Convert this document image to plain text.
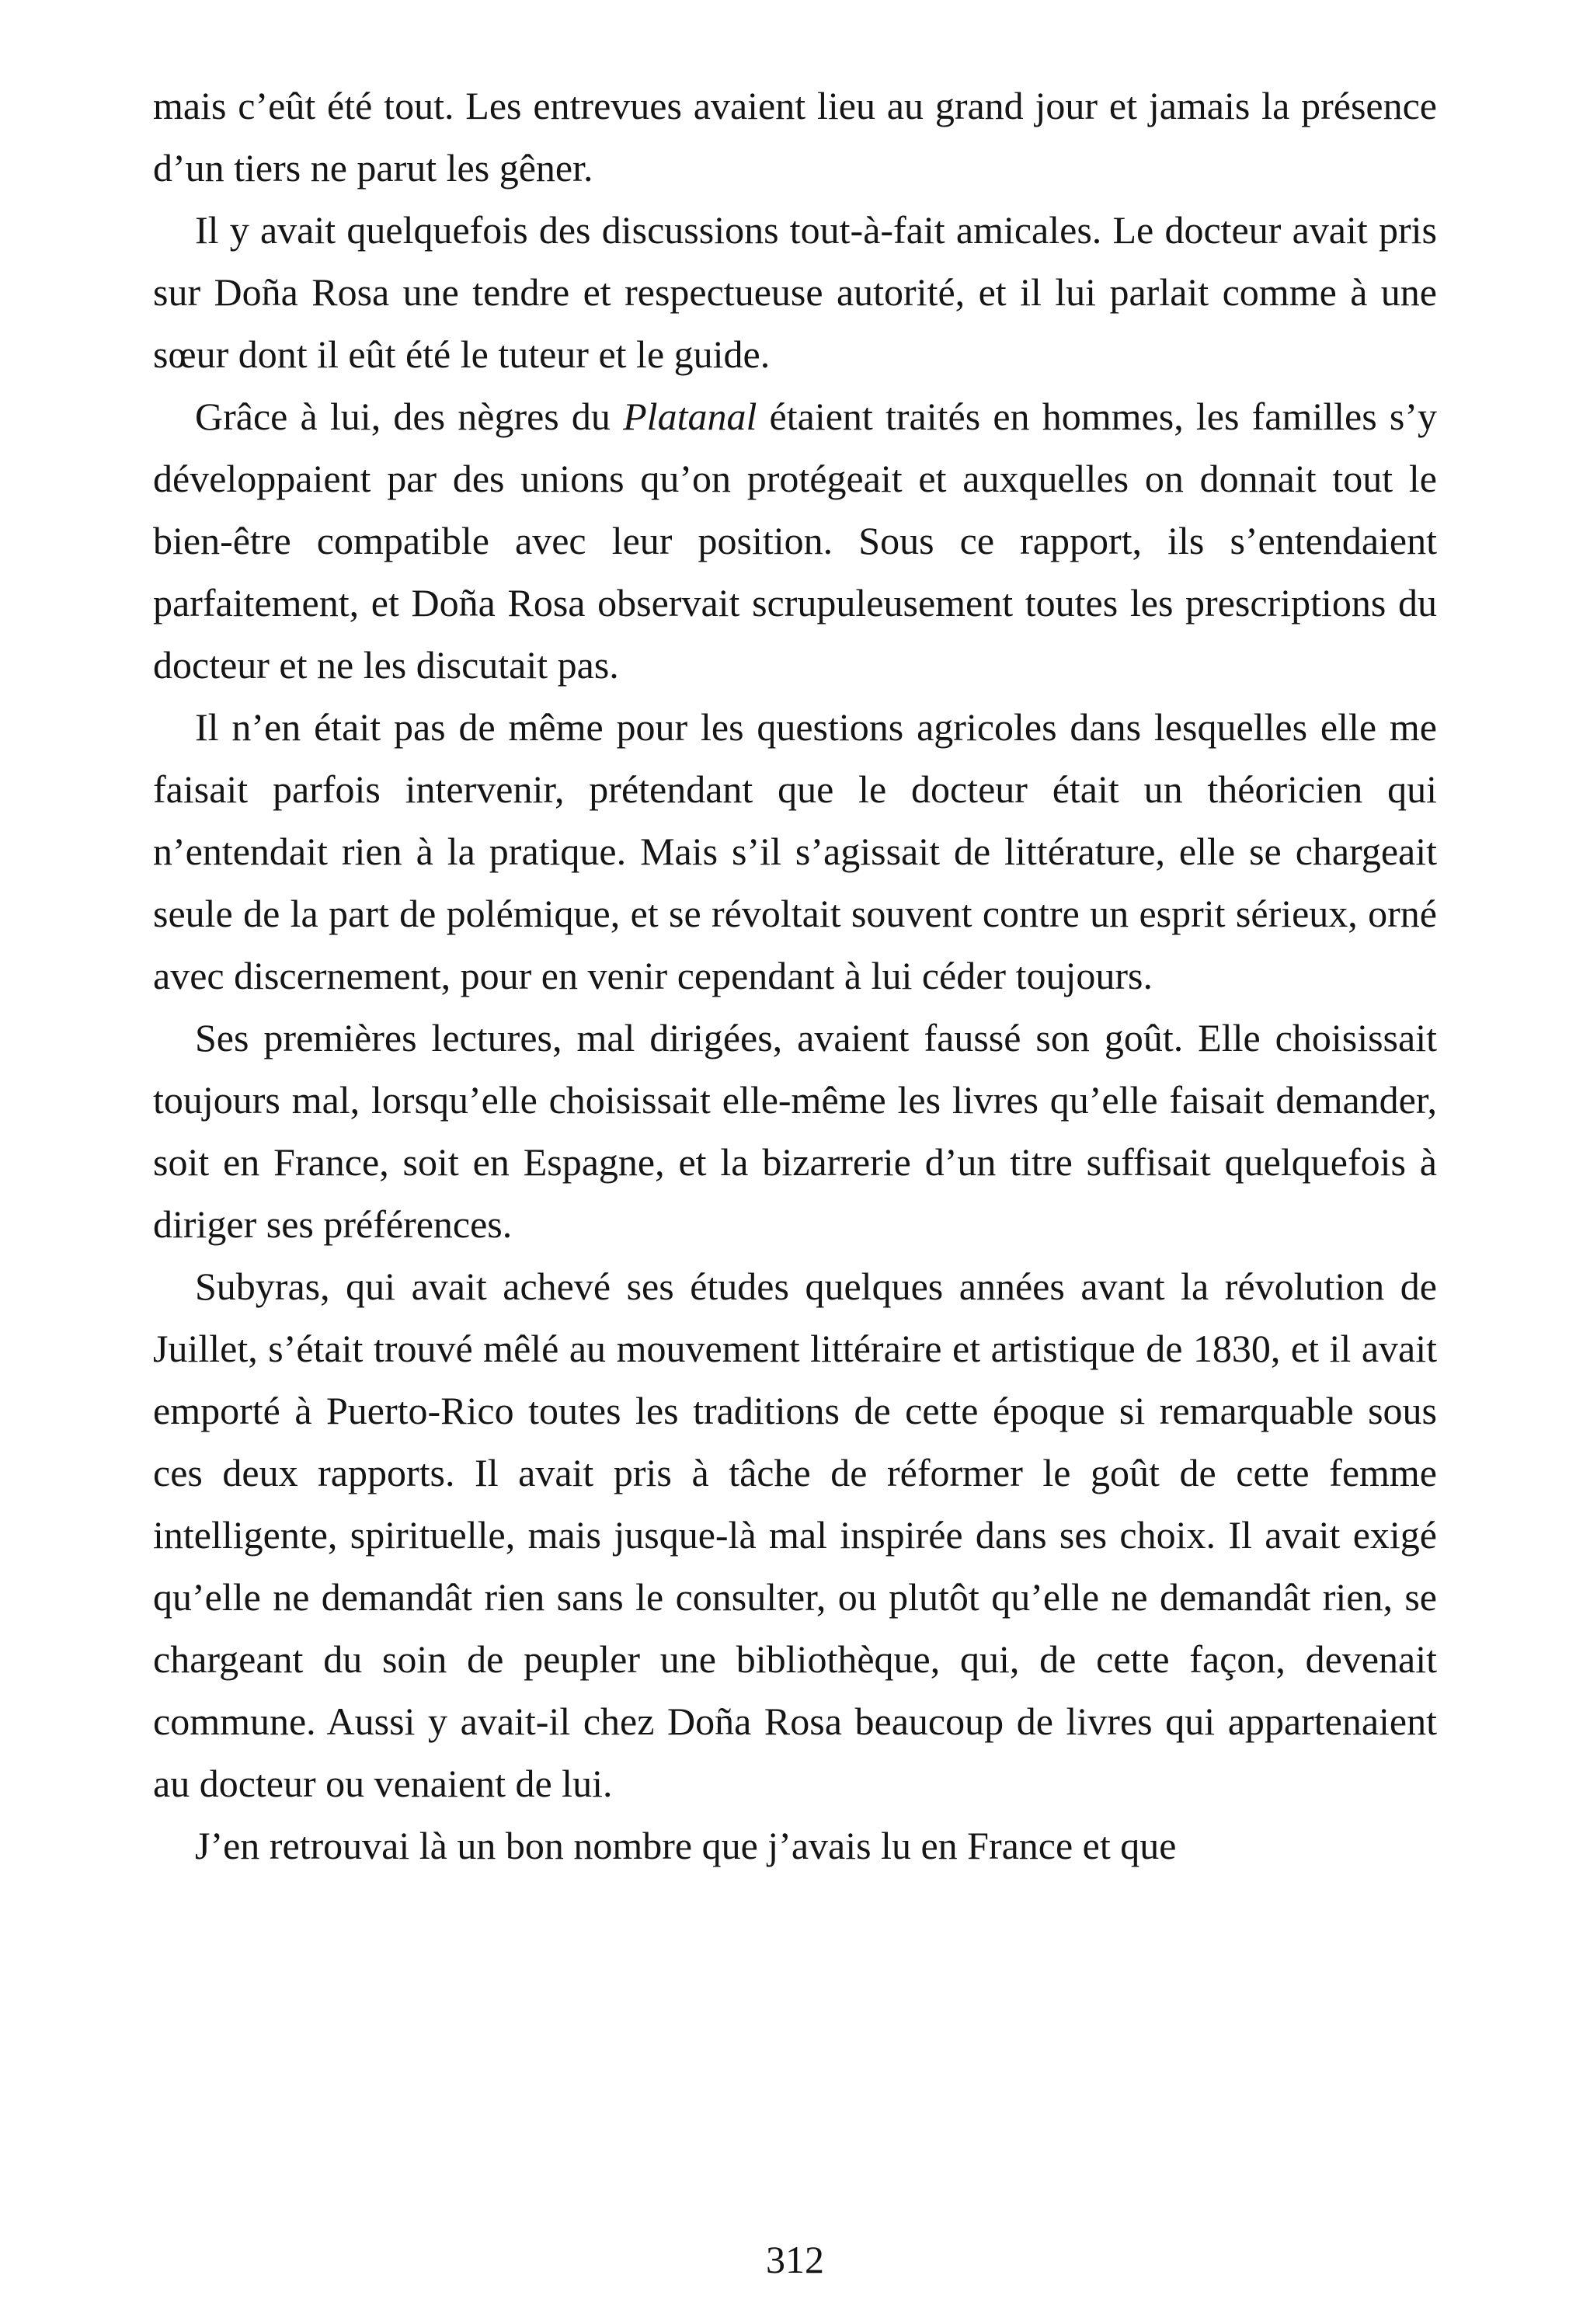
mais c’eût été tout. Les entrevues avaient lieu au grand jour et jamais la présence d’un tiers ne parut les gêner.

Il y avait quelquefois des discussions tout-à-fait amicales. Le docteur avait pris sur Doña Rosa une tendre et respectueuse autorité, et il lui parlait comme à une sœur dont il eût été le tuteur et le guide.

Grâce à lui, des nègres du Platanal étaient traités en hommes, les familles s’y développaient par des unions qu’on protégeait et auxquelles on donnait tout le bien-être compatible avec leur position. Sous ce rapport, ils s’entendaient parfaitement, et Doña Rosa observait scrupuleusement toutes les prescriptions du docteur et ne les discutait pas.

Il n’en était pas de même pour les questions agricoles dans lesquelles elle me faisait parfois intervenir, prétendant que le docteur était un théoricien qui n’entendait rien à la pratique. Mais s’il s’agissait de littérature, elle se chargeait seule de la part de polémique, et se révoltait souvent contre un esprit sérieux, orné avec discernement, pour en venir cependant à lui céder toujours.

Ses premières lectures, mal dirigées, avaient faussé son goût. Elle choisissait toujours mal, lorsqu’elle choisissait elle-même les livres qu’elle faisait demander, soit en France, soit en Espagne, et la bizarrerie d’un titre suffisait quelquefois à diriger ses préférences.

Subyras, qui avait achevé ses études quelques années avant la révolution de Juillet, s’était trouvé mêlé au mouvement littéraire et artistique de 1830, et il avait emporté à Puerto-Rico toutes les traditions de cette époque si remarquable sous ces deux rapports. Il avait pris à tâche de réformer le goût de cette femme intelligente, spirituelle, mais jusque-là mal inspirée dans ses choix. Il avait exigé qu’elle ne demandât rien sans le consulter, ou plutôt qu’elle ne demandât rien, se chargeant du soin de peupler une bibliothèque, qui, de cette façon, devenait commune. Aussi y avait-il chez Doña Rosa beaucoup de livres qui appartenaient au docteur ou venaient de lui.

J’en retrouvai là un bon nombre que j’avais lu en France et que

312
